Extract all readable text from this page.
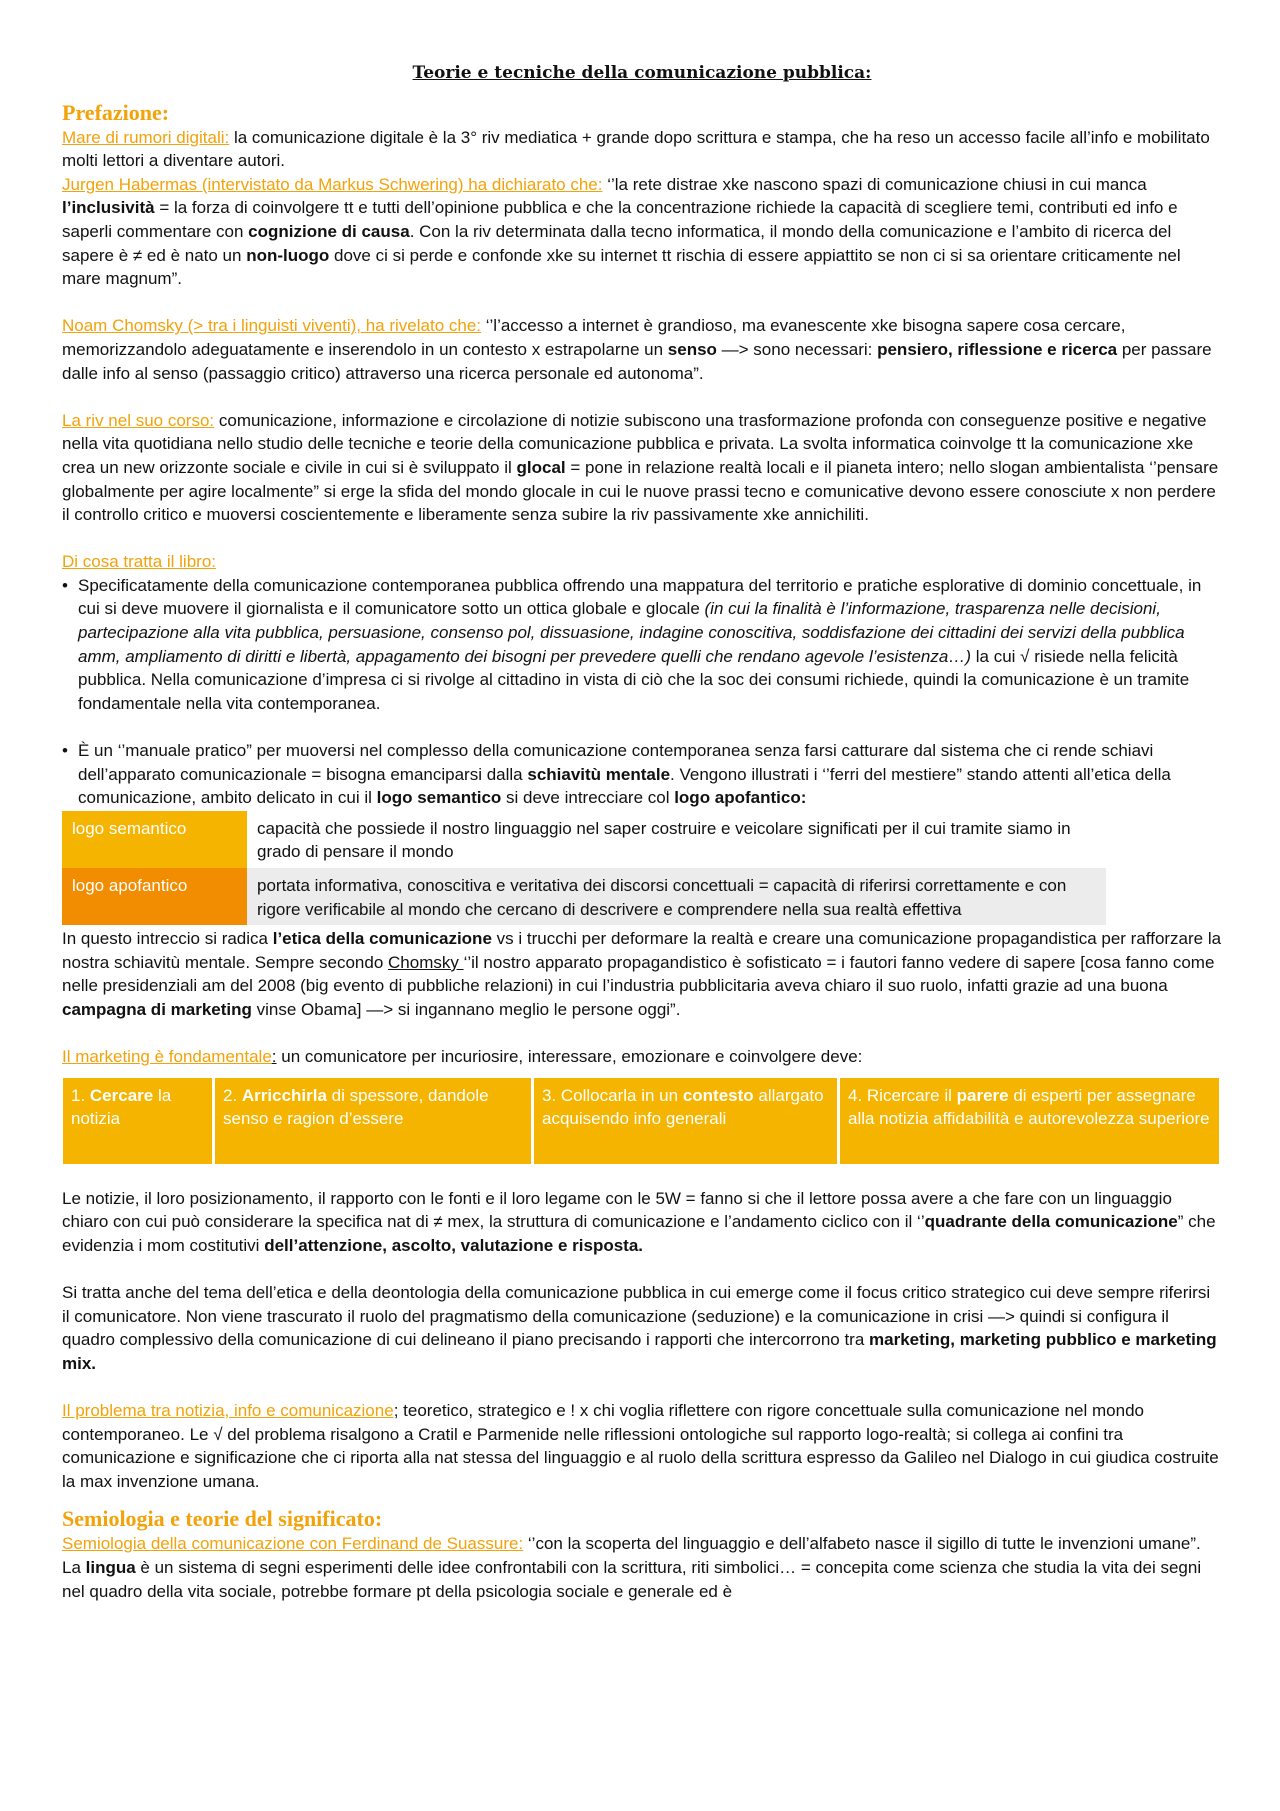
Teorie e tecniche della comunicazione pubblica:
Prefazione:

Mare di rumori digitali: la comunicazione digitale è la 3° riv mediatica + grande dopo scrittura e stampa, che ha reso un accesso facile all’info e mobilitato molti lettori a diventare autori.

Jurgen Habermas (intervistato da Markus Schwering) ha dichiarato che: ‘’la rete distrae xke nascono spazi di comunicazione chiusi in cui manca l’inclusività = la forza di coinvolgere tt e tutti dell’opinione pubblica e che la concentrazione richiede la capacità di scegliere temi, contributi ed info e saperli commentare con cognizione di causa. Con la riv determinata dalla tecno informatica, il mondo della comunicazione e l’ambito di ricerca del sapere è ≠ ed è nato un non-luogo dove ci si perde e confonde xke su internet tt rischia di essere appiattito se non ci si sa orientare criticamente nel mare magnum”.

Noam Chomsky (> tra i linguisti viventi), ha rivelato che: ‘’l’accesso a internet è grandioso, ma evanescente xke bisogna sapere cosa cercare, memorizzandolo adeguatamente e inserendolo in un contesto x estrapolarne un senso —> sono necessari: pensiero, riflessione e ricerca per passare dalle info al senso (passaggio critico) attraverso una ricerca personale ed autonoma”.

La riv nel suo corso: comunicazione, informazione e circolazione di notizie subiscono una trasformazione profonda con conseguenze positive e negative nella vita quotidiana nello studio delle tecniche e teorie della comunicazione pubblica e privata. La svolta informatica coinvolge tt la comunicazione xke crea un new orizzonte sociale e civile in cui si è sviluppato il glocal = pone in relazione realtà locali e il pianeta intero; nello slogan ambientalista ‘’pensare globalmente per agire localmente” si erge la sfida del mondo glocale in cui le nuove prassi tecno e comunicative devono essere conosciute x non perdere il controllo critico e muoversi coscientemente e liberamente senza subire la riv passivamente xke annichiliti.

Di cosa tratta il libro:

• Specificatamente della comunicazione contemporanea pubblica offrendo una mappatura del territorio e pratiche esplorative di dominio concettuale, in cui si deve muovere il giornalista e il comunicatore sotto un ottica globale e glocale (in cui la finalità è l’informazione, trasparenza nelle decisioni, partecipazione alla vita pubblica, persuasione, consenso pol, dissuasione, indagine conoscitiva, soddisfazione dei cittadini dei servizi della pubblica amm, ampliamento di diritti e libertà, appagamento dei bisogni per prevedere quelli che rendano agevole l’esistenza…) la cui √ risiede nella felicità pubblica. Nella comunicazione d’impresa ci si rivolge al cittadino in vista di ciò che la soc dei consumi richiede, quindi la comunicazione è un tramite fondamentale nella vita contemporanea.
• È un ‘’manuale pratico” per muoversi nel complesso della comunicazione contemporanea senza farsi catturare dal sistema che ci rende schiavi dell’apparato comunicazionale = bisogna emanciparsi dalla schiavitù mentale. Vengono illustrati i ‘’ferri del mestiere” stando attenti all’etica della comunicazione, ambito delicato in cui il logo semantico si deve intrecciare col logo apofantico:
logo semantico	capacità che possiede il nostro linguaggio nel saper costruire e veicolare significati per il cui tramite siamo in grado di pensare il mondo
logo apofantico	portata informativa, conoscitiva e veritativa dei discorsi concettuali = capacità di riferirsi correttamente e con rigore verificabile al mondo che cercano di descrivere e comprendere nella sua realtà effettiva

In questo intreccio si radica l’etica della comunicazione vs i trucchi per deformare la realtà e creare una comunicazione propagandistica per rafforzare la nostra schiavitù mentale. Sempre secondo Chomsky ‘’il nostro apparato propagandistico è sofisticato = i fautori fanno vedere di sapere [cosa fanno come nelle presidenziali am del 2008 (big evento di pubbliche relazioni) in cui l’industria pubblicitaria aveva chiaro il suo ruolo, infatti grazie ad una buona campagna di marketing vinse Obama] —> si ingannano meglio le persone oggi”.

Il marketing è fondamentale: un comunicatore per incuriosire, interessare, emozionare e coinvolgere deve:

1. Cercare la notizia	2. Arricchirla di spessore, dandole senso e ragion d’essere	3. Collocarla in un contesto allargato acquisendo info generali	4. Ricercare il parere di esperti per assegnare alla notizia affidabilità e autorevolezza superiore

Le notizie, il loro posizionamento, il rapporto con le fonti e il loro legame con le 5W = fanno si che il lettore possa avere a che fare con un linguaggio chiaro con cui può considerare la specifica nat di ≠ mex, la struttura di comunicazione e l’andamento ciclico con il ‘’quadrante della comunicazione” che evidenzia i mom costitutivi dell’attenzione, ascolto, valutazione e risposta.

Si tratta anche del tema dell’etica e della deontologia della comunicazione pubblica in cui emerge come il focus critico strategico cui deve sempre riferirsi il comunicatore. Non viene trascurato il ruolo del pragmatismo della comunicazione (seduzione) e la comunicazione in crisi —> quindi si configura il quadro complessivo della comunicazione di cui delineano il piano precisando i rapporti che intercorrono tra marketing, marketing pubblico e marketing mix.

Il problema tra notizia, info e comunicazione; teoretico, strategico e ! x chi voglia riflettere con rigore concettuale sulla comunicazione nel mondo contemporaneo. Le √ del problema risalgono a Cratil e Parmenide nelle riflessioni ontologiche sul rapporto logo-realtà; si collega ai confini tra comunicazione e significazione che ci riporta alla nat stessa del linguaggio e al ruolo della scrittura espresso da Galileo nel Dialogo in cui giudica costruite la max invenzione umana.

Semiologia e teorie del significato:

Semiologia della comunicazione con Ferdinand de Suassure: ‘’con la scoperta del linguaggio e dell’alfabeto nasce il sigillo di tutte le invenzioni umane”. La lingua è un sistema di segni esperimenti delle idee confrontabili con la scrittura, riti simbolici… = concepita come scienza che studia la vita dei segni nel quadro della vita sociale, potrebbe formare pt della psicologia sociale e generale ed è
